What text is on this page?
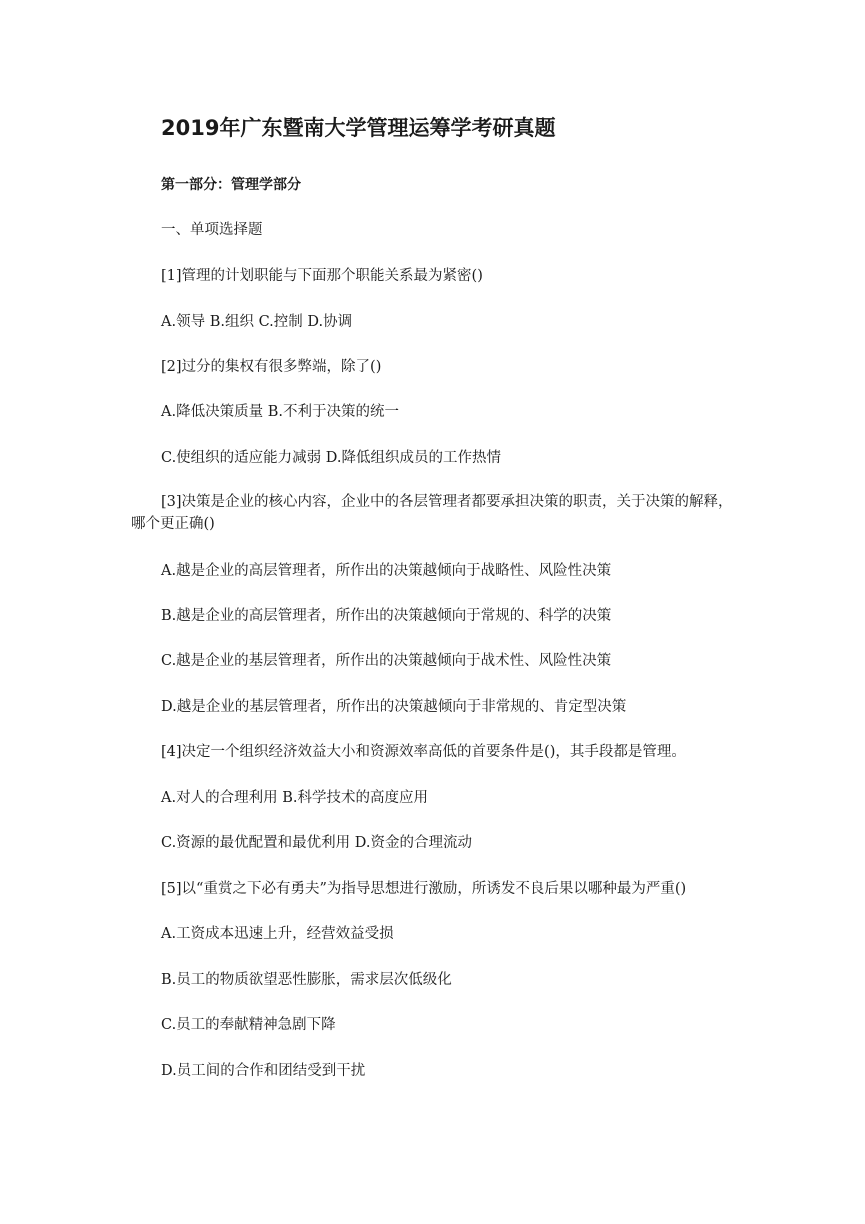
2019年广东暨南大学管理运筹学考研真题
第一部分：管理学部分
一、单项选择题
[1]管理的计划职能与下面那个职能关系最为紧密()
A.领导 B.组织 C.控制 D.协调
[2]过分的集权有很多弊端，除了()
A.降低决策质量 B.不利于决策的统一
C.使组织的适应能力减弱 D.降低组织成员的工作热情
[3]决策是企业的核心内容，企业中的各层管理者都要承担决策的职责，关于决策的解释，哪个更正确()
A.越是企业的高层管理者，所作出的决策越倾向于战略性、风险性决策
B.越是企业的高层管理者，所作出的决策越倾向于常规的、科学的决策
C.越是企业的基层管理者，所作出的决策越倾向于战术性、风险性决策
D.越是企业的基层管理者，所作出的决策越倾向于非常规的、肯定型决策
[4]决定一个组织经济效益大小和资源效率高低的首要条件是()，其手段都是管理。
A.对人的合理利用 B.科学技术的高度应用
C.资源的最优配置和最优利用 D.资金的合理流动
[5]以“重赏之下必有勇夫”为指导思想进行激励，所诱发不良后果以哪种最为严重()
A.工资成本迅速上升，经营效益受损
B.员工的物质欲望恶性膨胀，需求层次低级化
C.员工的奉献精神急剧下降
D.员工间的合作和团结受到干扰
